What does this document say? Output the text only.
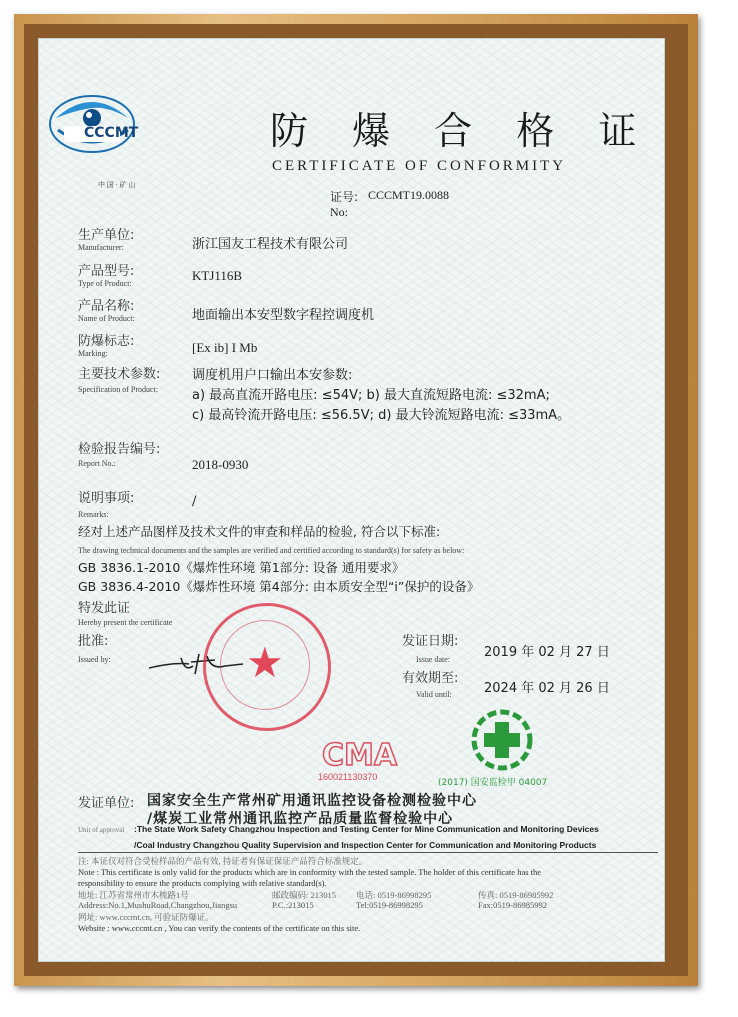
CCCMT
中 国 · 矿 山
防 爆 合 格 证
CERTIFICATE OF CONFORMITY
证号: CCCMT19.0088
No:
生产单位:
Manufacturer:	浙江国友工程技术有限公司
产品型号:
Type of Product:
KTJ116B
产品名称:
Name of Product:	地面输出本安型数字程控调度机
防爆标志:
Marking:	[Ex ib] I Mb
主要技术参数:
Specification of Product:
调度机用户口输出本安参数:
a) 最高直流开路电压: ≤54V; b) 最大直流短路电流: ≤32mA;
c) 最高铃流开路电压: ≤56.5V; d) 最大铃流短路电流: ≤33mA。
检验报告编号:
Report No.:	2018-0930
说明事项:	/
Remarks:
经对上述产品图样及技术文件的审查和样品的检验, 符合以下标准:
The drawing technical documents and the samples are verified and certified according to standard(s) for safety as below:
GB 3836.1-2010《爆炸性环境 第1部分: 设备 通用要求》
GB 3836.4-2010《爆炸性环境 第4部分: 由本质安全型“i”保护的设备》
特发此证
Hereby present the certificate
批准:
Issued by:	★	发证日期:
Issue date:	2019 年 02 月 27 日
有效期至:
Valid until: 2024 年 02 月 26 日
CMA
160021130370
(2017) 国安监检甲 04007
发证单位: 国家安全生产常州矿用通讯监控设备检测检验中心
/煤炭工业常州通讯监控产品质量监督检验中心
Unit of approval :The State Work Safety Changzhou Inspection and Testing Center for Mine Communication and Monitoring Devices
/Coal Industry Changzhou Quality Supervision and Inspection Center for Communication and Monitoring Products
注: 本证仅对符合受检样品的产品有效, 持证者有保证保证产品符合标准规定。
Note : This certificate is only valid for the products which are in conformity with the tested sample. The holder of this certificate has the
responsibility to ensure the products complying with relative standard(s).
地址: 江苏省常州市木梳路1号	邮政编码: 213015 电话: 0519-86998295	传真: 0519-86985992
Address:No.1,MushuRoad,Changzhou,Jiangsu	P.C.:213015	Tel:0519-86998295	Fax:0519-86985992
网址: www.cccmt.cn, 可验证防爆证。
Website : www.cccmt.cn , You can verify the contents of the certificate on this site.
